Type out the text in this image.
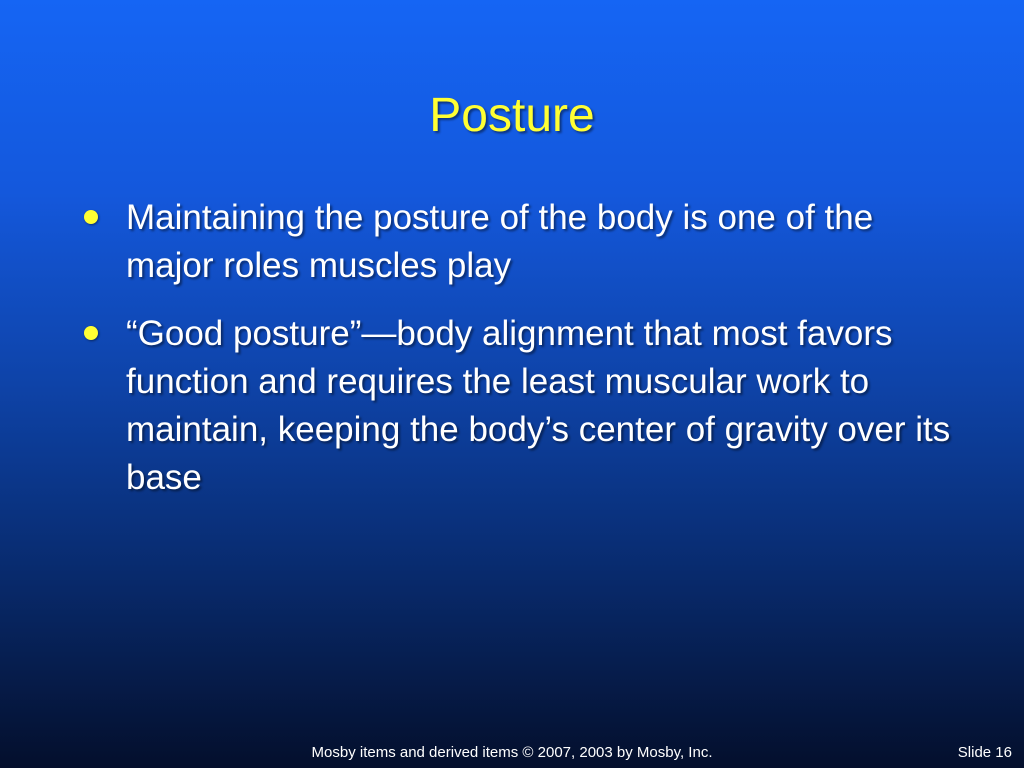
Posture
Maintaining the posture of the body is one of the major roles muscles play
“Good posture”—body alignment that most favors function and requires the least muscular work to maintain, keeping the body’s center of gravity over its base
Mosby items and derived items © 2007, 2003 by Mosby, Inc.	Slide 16
